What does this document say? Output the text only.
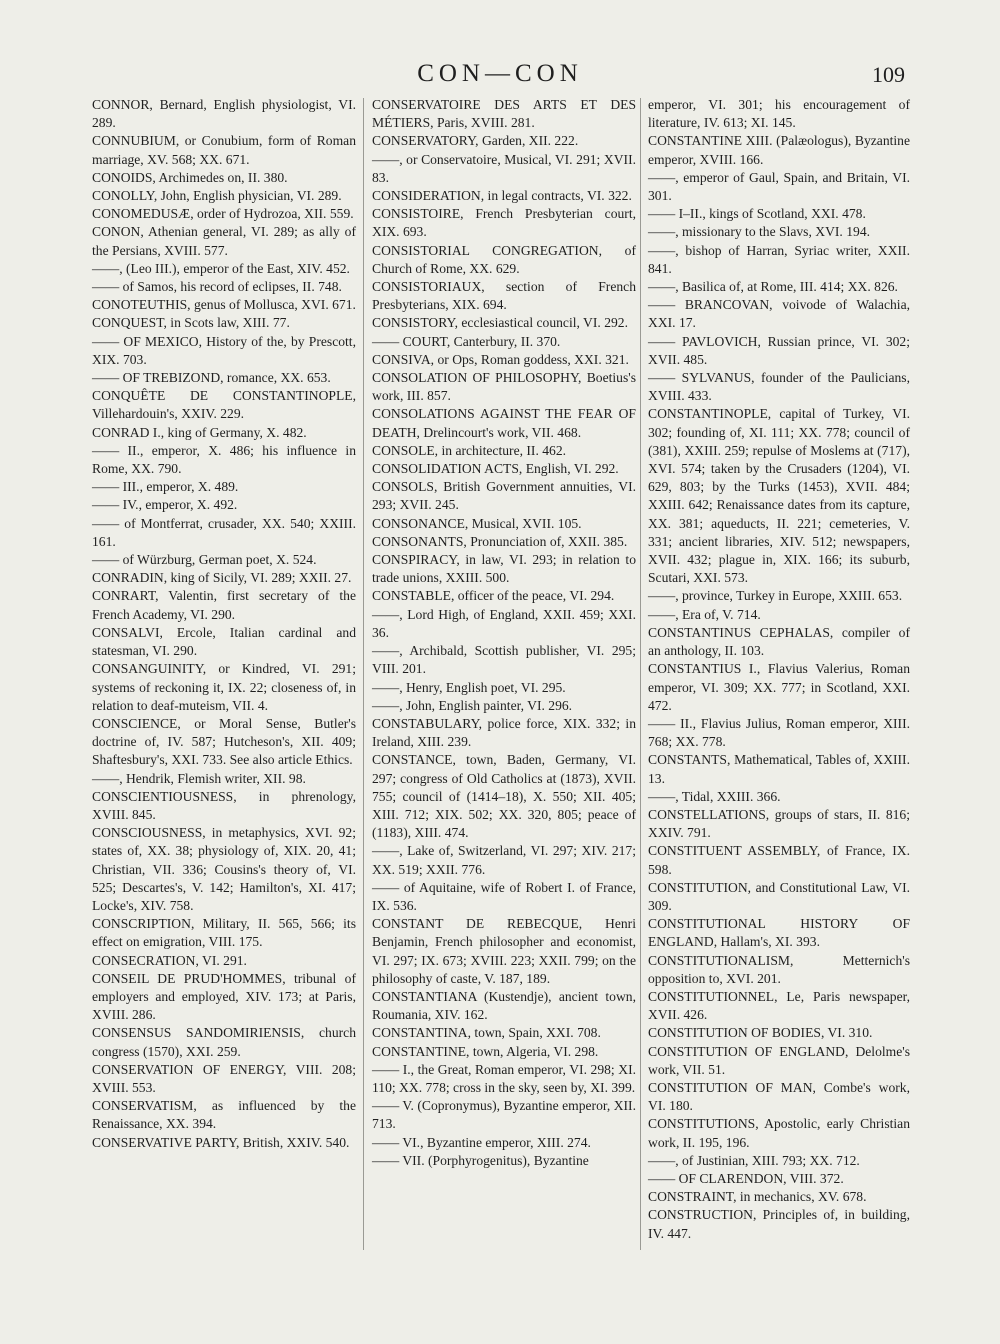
CON—CON	109
CONNOR, Bernard, English physiologist, VI. 289.
CONNUBIUM, or Conubium, form of Roman marriage, XV. 568; XX. 671.
CONOIDS, Archimedes on, II. 380.
CONOLLY, John, English physician, VI. 289.
CONOMEDUSÆ, order of Hydrozoa, XII. 559.
CONON, Athenian general, VI. 289; as ally of the Persians, XVIII. 577.
——, (Leo III.), emperor of the East, XIV. 452.
—— of Samos, his record of eclipses, II. 748.
CONOTEUTHIS, genus of Mollusca, XVI. 671.
CONQUEST, in Scots law, XIII. 77.
—— OF MEXICO, History of the, by Prescott, XIX. 703.
—— OF TREBIZOND, romance, XX. 653.
CONQUÊTE DE CONSTANTINOPLE, Villehardouin's, XXIV. 229.
CONRAD I., king of Germany, X. 482.
—— II., emperor, X. 486; his influence in Rome, XX. 790.
—— III., emperor, X. 489.
—— IV., emperor, X. 492.
—— of Montferrat, crusader, XX. 540; XXIII. 161.
—— of Würzburg, German poet, X. 524.
CONRADIN, king of Sicily, VI. 289; XXII. 27.
CONRART, Valentin, first secretary of the French Academy, VI. 290.
CONSALVI, Ercole, Italian cardinal and statesman, VI. 290.
CONSANGUINITY, or Kindred, VI. 291; systems of reckoning it, IX. 22; closeness of, in relation to deaf-muteism, VII. 4.
CONSCIENCE, or Moral Sense, Butler's doctrine of, IV. 587; Hutcheson's, XII. 409; Shaftesbury's, XXI. 733. See also article Ethics.
——, Hendrik, Flemish writer, XII. 98.
CONSCIENTIOUSNESS, in phrenology, XVIII. 845.
CONSCIOUSNESS, in metaphysics, XVI. 92; states of, XX. 38; physiology of, XIX. 20, 41; Christian, VII. 336; Cousins's theory of, VI. 525; Descartes's, V. 142; Hamilton's, XI. 417; Locke's, XIV. 758.
CONSCRIPTION, Military, II. 565, 566; its effect on emigration, VIII. 175.
CONSECRATION, VI. 291.
CONSEIL DE PRUD'HOMMES, tribunal of employers and employed, XIV. 173; at Paris, XVIII. 286.
CONSENSUS SANDOMIRIENSIS, church congress (1570), XXI. 259.
CONSERVATION OF ENERGY, VIII. 208; XVIII. 553.
CONSERVATISM, as influenced by the Renaissance, XX. 394.
CONSERVATIVE PARTY, British, XXIV. 540.
CONSERVATOIRE DES ARTS ET DES MÉTIERS, Paris, XVIII. 281.
CONSERVATORY, Garden, XII. 222.
——, or Conservatoire, Musical, VI. 291; XVII. 83.
CONSIDERATION, in legal contracts, VI. 322.
CONSISTOIRE, French Presbyterian court, XIX. 693.
CONSISTORIAL CONGREGATION, of Church of Rome, XX. 629.
CONSISTORIAUX, section of French Presbyterians, XIX. 694.
CONSISTORY, ecclesiastical council, VI. 292.
—— COURT, Canterbury, II. 370.
CONSIVA, or Ops, Roman goddess, XXI. 321.
CONSOLATION OF PHILOSOPHY, Boetius's work, III. 857.
CONSOLATIONS AGAINST THE FEAR OF DEATH, Drelincourt's work, VII. 468.
CONSOLE, in architecture, II. 462.
CONSOLIDATION ACTS, English, VI. 292.
CONSOLS, British Government annuities, VI. 293; XVII. 245.
CONSONANCE, Musical, XVII. 105.
CONSONANTS, Pronunciation of, XXII. 385.
CONSPIRACY, in law, VI. 293; in relation to trade unions, XXIII. 500.
CONSTABLE, officer of the peace, VI. 294.
——, Lord High, of England, XXII. 459; XXI. 36.
——, Archibald, Scottish publisher, VI. 295; VIII. 201.
——, Henry, English poet, VI. 295.
——, John, English painter, VI. 296.
CONSTABULARY, police force, XIX. 332; in Ireland, XIII. 239.
CONSTANCE, town, Baden, Germany, VI. 297; congress of Old Catholics at (1873), XVII. 755; council of (1414–18), X. 550; XII. 405; XIII. 712; XIX. 502; XX. 320, 805; peace of (1183), XIII. 474.
——, Lake of, Switzerland, VI. 297; XIV. 217; XX. 519; XXII. 776.
—— of Aquitaine, wife of Robert I. of France, IX. 536.
CONSTANT DE REBECQUE, Henri Benjamin, French philosopher and economist, VI. 297; IX. 673; XVIII. 223; XXII. 799; on the philosophy of caste, V. 187, 189.
CONSTANTIANA (Kustendje), ancient town, Roumania, XIV. 162.
CONSTANTINA, town, Spain, XXI. 708.
CONSTANTINE, town, Algeria, VI. 298.
—— I., the Great, Roman emperor, VI. 298; XI. 110; XX. 778; cross in the sky, seen by, XI. 399.
—— V. (Copronymus), Byzantine emperor, XII. 713.
—— VI., Byzantine emperor, XIII. 274.
—— VII. (Porphyrogenitus), Byzantine
emperor, VI. 301; his encouragement of literature, IV. 613; XI. 145.
CONSTANTINE XIII. (Palæologus), Byzantine emperor, XVIII. 166.
——, emperor of Gaul, Spain, and Britain, VI. 301.
—— I–II., kings of Scotland, XXI. 478.
——, missionary to the Slavs, XVI. 194.
——, bishop of Harran, Syriac writer, XXII. 841.
——, Basilica of, at Rome, III. 414; XX. 826.
—— BRANCOVAN, voivode of Walachia, XXI. 17.
—— PAVLOVICH, Russian prince, VI. 302; XVII. 485.
—— SYLVANUS, founder of the Paulicians, XVIII. 433.
CONSTANTINOPLE, capital of Turkey, VI. 302; founding of, XI. 111; XX. 778; council of (381), XXIII. 259; repulse of Moslems at (717), XVI. 574; taken by the Crusaders (1204), VI. 629, 803; by the Turks (1453), XVII. 484; XXIII. 642; Renaissance dates from its capture, XX. 381; aqueducts, II. 221; cemeteries, V. 331; ancient libraries, XIV. 512; newspapers, XVII. 432; plague in, XIX. 166; its suburb, Scutari, XXI. 573.
——, province, Turkey in Europe, XXIII. 653.
——, Era of, V. 714.
CONSTANTINUS CEPHALAS, compiler of an anthology, II. 103.
CONSTANTIUS I., Flavius Valerius, Roman emperor, VI. 309; XX. 777; in Scotland, XXI. 472.
—— II., Flavius Julius, Roman emperor, XIII. 768; XX. 778.
CONSTANTS, Mathematical, Tables of, XXIII. 13.
——, Tidal, XXIII. 366.
CONSTELLATIONS, groups of stars, II. 816; XXIV. 791.
CONSTITUENT ASSEMBLY, of France, IX. 598.
CONSTITUTION, and Constitutional Law, VI. 309.
CONSTITUTIONAL HISTORY OF ENGLAND, Hallam's, XI. 393.
CONSTITUTIONALISM, Metternich's opposition to, XVI. 201.
CONSTITUTIONNEL, Le, Paris newspaper, XVII. 426.
CONSTITUTION OF BODIES, VI. 310.
CONSTITUTION OF ENGLAND, Delolme's work, VII. 51.
CONSTITUTION OF MAN, Combe's work, VI. 180.
CONSTITUTIONS, Apostolic, early Christian work, II. 195, 196.
——, of Justinian, XIII. 793; XX. 712.
—— OF CLARENDON, VIII. 372.
CONSTRAINT, in mechanics, XV. 678.
CONSTRUCTION, Principles of, in building, IV. 447.
